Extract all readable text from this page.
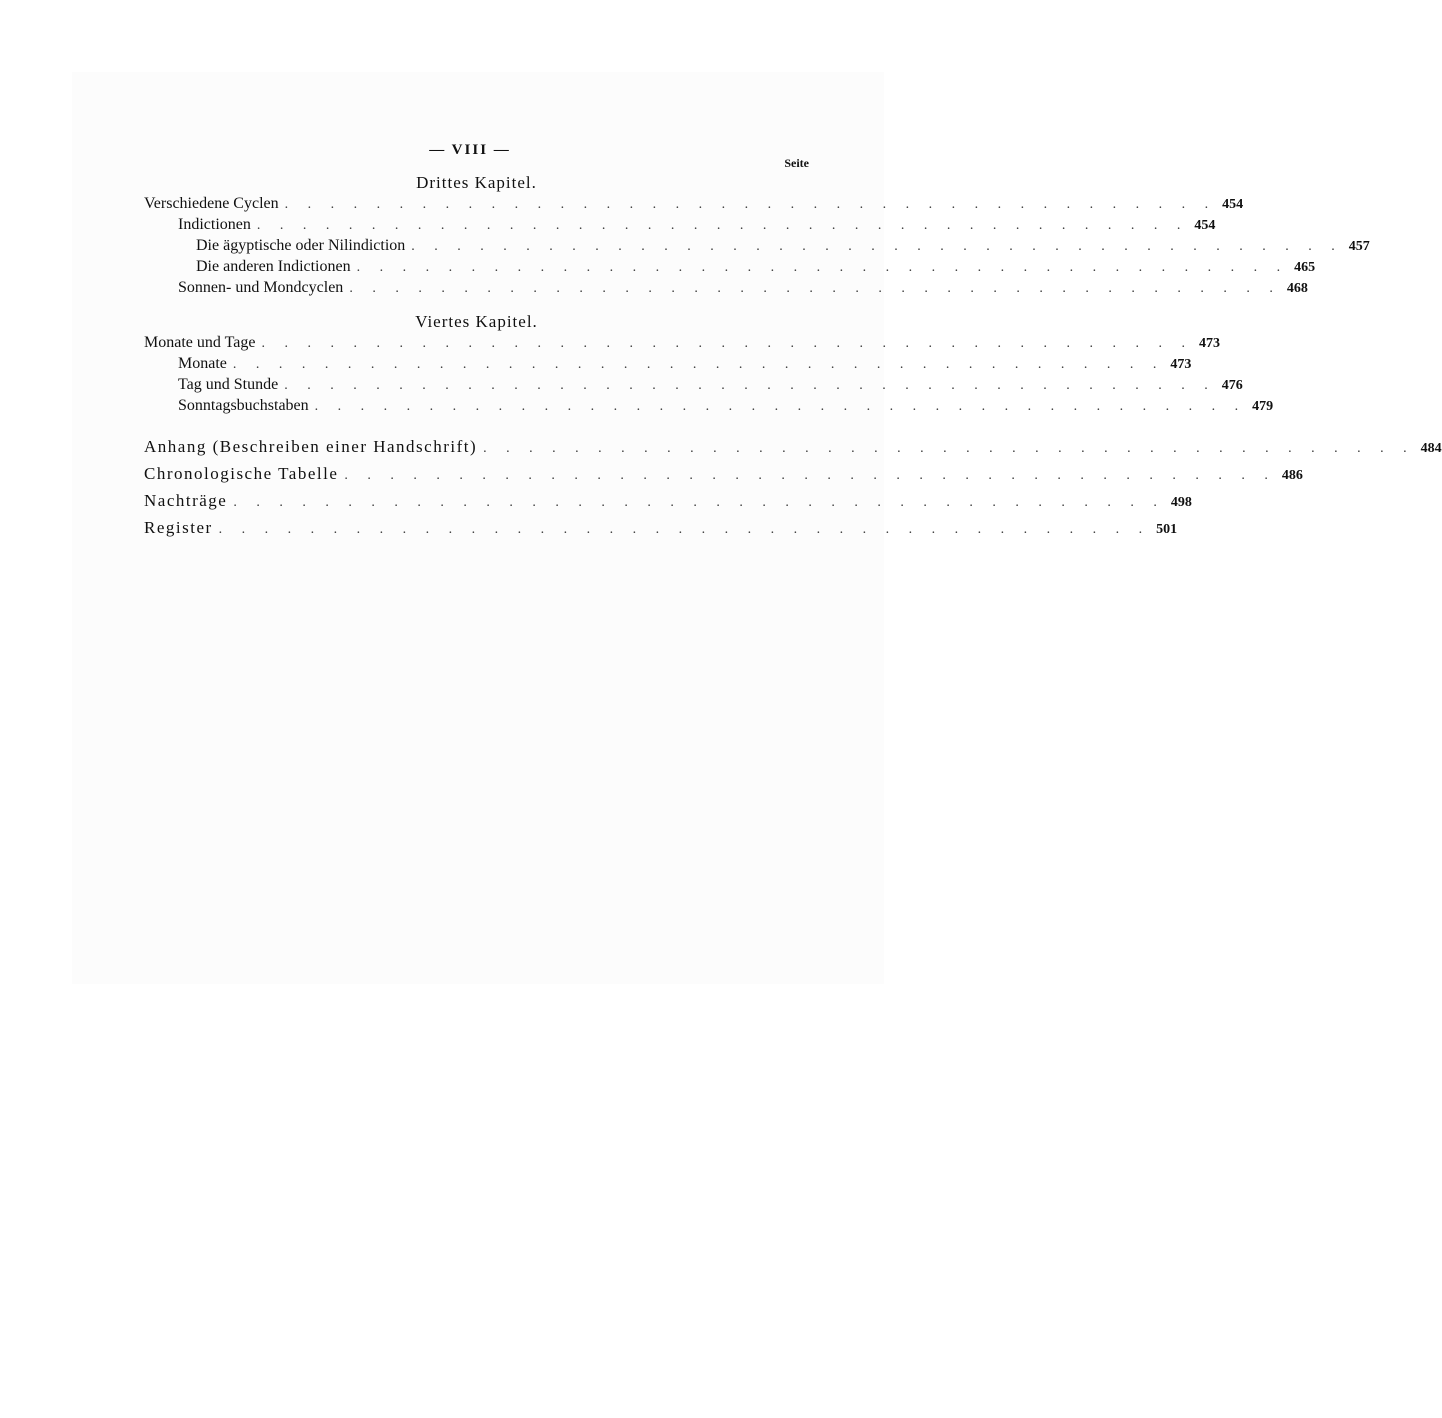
— VIII —
Seite
Drittes Kapitel.
Verschiedene Cyclen . . . . . . . . . . . . . . . . . . . . . . . . . . . . . . . . . . . . . . . . . 454
Indictionen . . . . . . . . . . . . . . . . . . . . . . . . . . . . . . . . . . . . . . . . . 454
Die ägyptische oder Nilindiction . . . . . . . . . . . . . . . . . . . . . . . . . . . . . . . . . . . . . . . . . 457
Die anderen Indictionen . . . . . . . . . . . . . . . . . . . . . . . . . . . . . . . . . . . . . . . . . 465
Sonnen- und Mondcyclen . . . . . . . . . . . . . . . . . . . . . . . . . . . . . . . . . . . . . . . . . 468
Viertes Kapitel.
Monate und Tage . . . . . . . . . . . . . . . . . . . . . . . . . . . . . . . . . . . . . . . . . 473
Monate . . . . . . . . . . . . . . . . . . . . . . . . . . . . . . . . . . . . . . . . . 473
Tag und Stunde . . . . . . . . . . . . . . . . . . . . . . . . . . . . . . . . . . . . . . . . . 476
Sonntagsbuchstaben . . . . . . . . . . . . . . . . . . . . . . . . . . . . . . . . . . . . . . . . . 479
Anhang (Beschreiben einer Handschrift) . . . . . . . . . . . . . . . . . . . . . . . . . . . . . . . . . . . . . . . . . 484
Chronologische Tabelle . . . . . . . . . . . . . . . . . . . . . . . . . . . . . . . . . . . . . . . . . 486
Nachträge . . . . . . . . . . . . . . . . . . . . . . . . . . . . . . . . . . . . . . . . . 498
Register . . . . . . . . . . . . . . . . . . . . . . . . . . . . . . . . . . . . . . . . . 501
